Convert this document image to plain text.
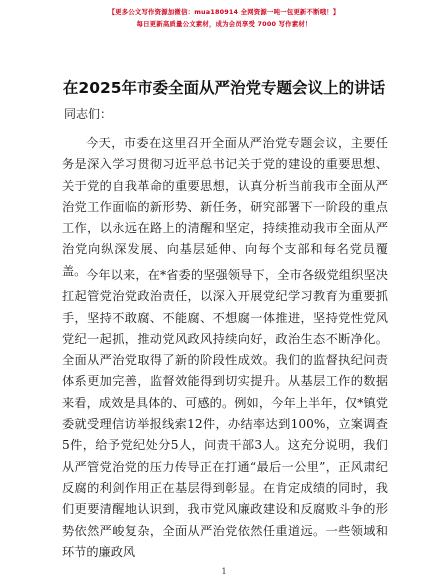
【更多公文写作资源加微信：mua180914 全网资源一吨一包更新不断哦！】
每日更新高质量公文素材，成为会员享受 7000 写作素材！
在2025年市委全面从严治党专题会议上的讲话
同志们：

今天，市委在这里召开全面从严治党专题会议，主要任务是深入学习贯彻习近平总书记关于党的建设的重要思想、关于党的自我革命的重要思想，认真分析当前我市全面从严治党工作面临的新形势、新任务，研究部署下一阶段的重点工作，以永远在路上的清醒和坚定，持续推动我市全面从严治党向纵深发展、向基层延伸、向每个支部和每名党员覆盖。 今年以来，在*省委的坚强领导下，全市各级党组织坚决扛起管党治党政治责任，以深入开展党纪学习教育为重要抓手，坚持不敢腐、不能腐、不想腐一体推进，坚持党性党风党纪一起抓，推动党风政风持续向好，政治生态不断净化。全面从严治党取得了新的阶段性成效。我们的监督执纪问责体系更加完善，监督效能得到切实提升。从基层工作的数据来看，成效是具体的、可感的。例如，今年上半年，仅*镇党委就受理信访举报线索12件，办结率达到100%，立案调查5件，给予党纪处分5人，问责干部3人。这充分说明，我们从严管党治党的压力传导正在打通“最后一公里”，正风肃纪反腐的利剑作用正在基层得到彰显。在肯定成绩的同时，我们更要清醒地认识到，我市党风廉政建设和反腐败斗争的形势依然严峻复杂，全面从严治党依然任重道远。一些领域和环节的廉政风

1
